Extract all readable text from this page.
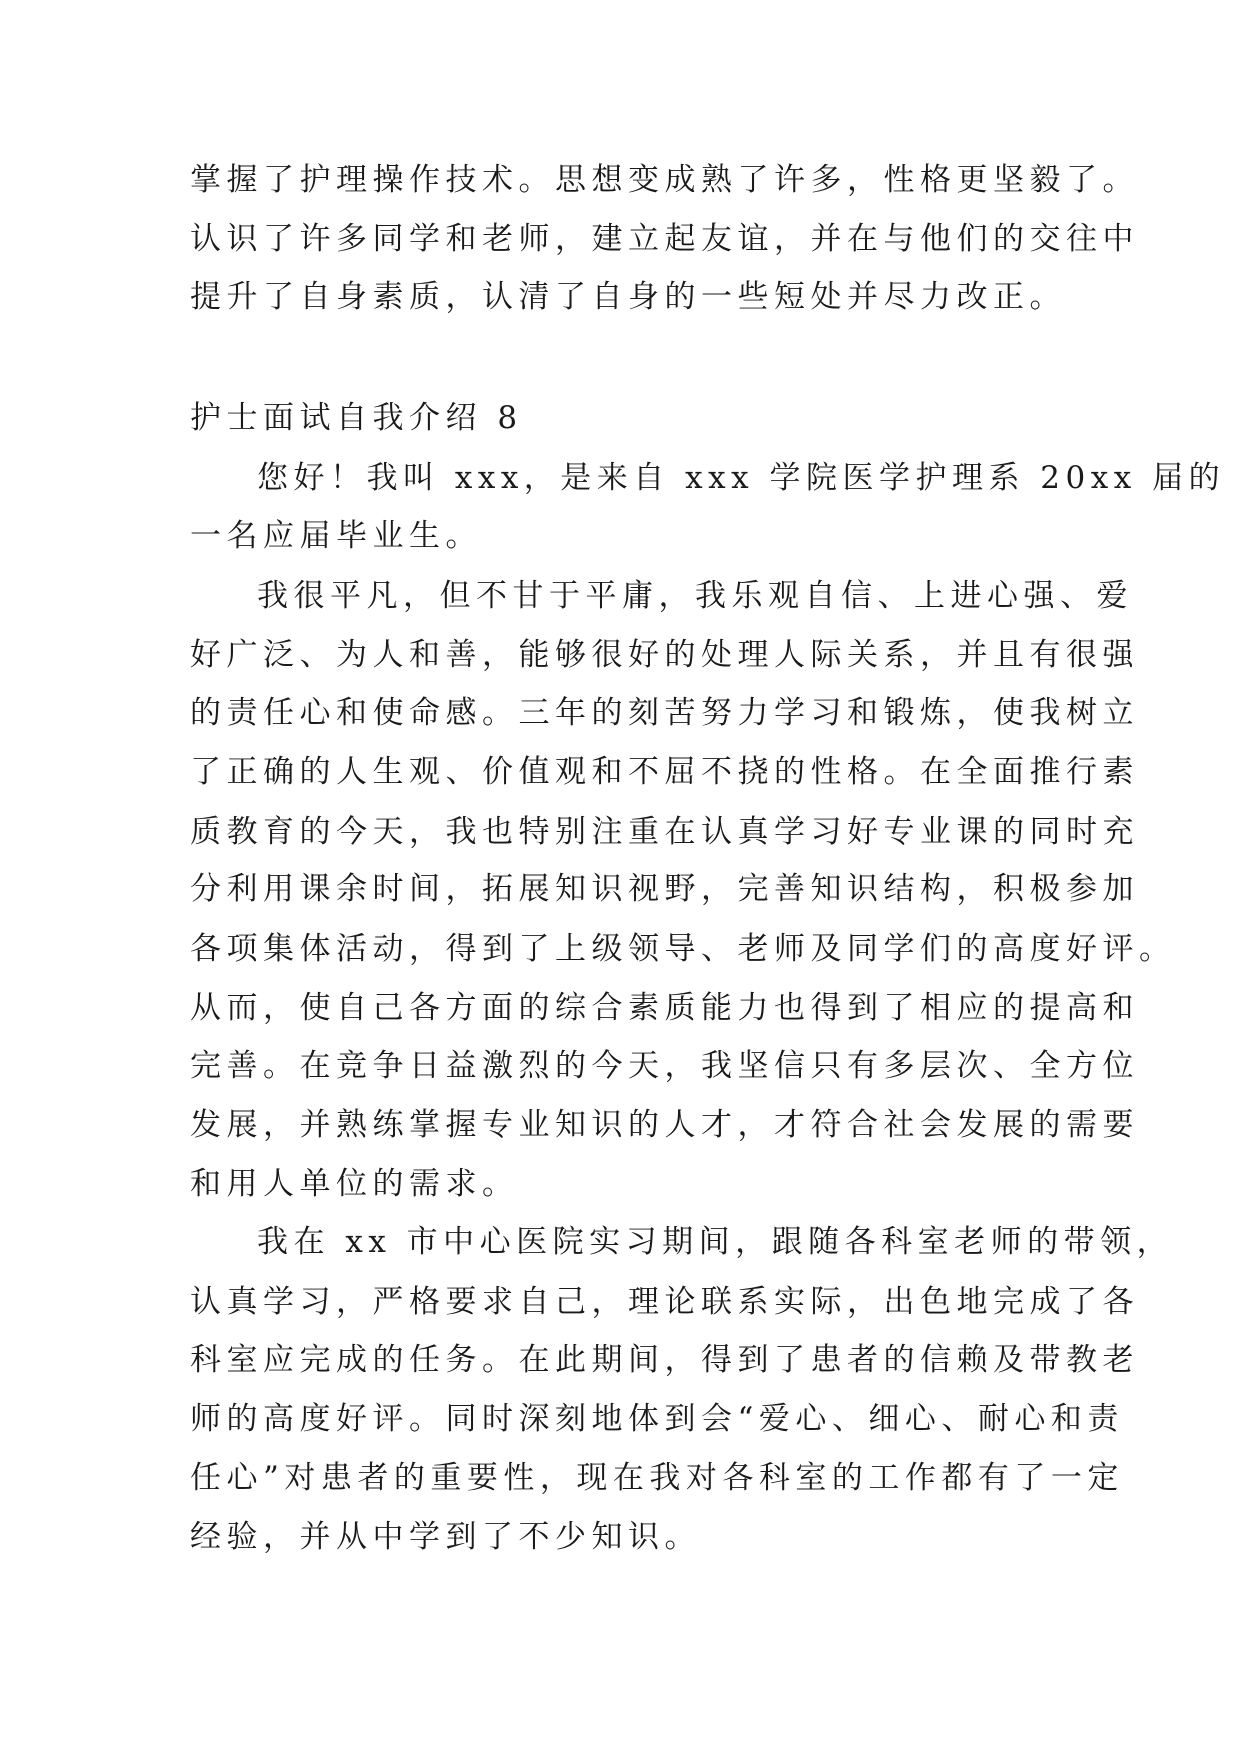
掌握了护理操作技术。思想变成熟了许多，性格更坚毅了。
认识了许多同学和老师，建立起友谊，并在与他们的交往中
提升了自身素质，认清了自身的一些短处并尽力改正。
护士面试自我介绍 8
您好！我叫 xxx，是来自 xxx 学院医学护理系 20xx 届的
一名应届毕业生。
我很平凡，但不甘于平庸，我乐观自信、上进心强、爱
好广泛、为人和善，能够很好的处理人际关系，并且有很强
的责任心和使命感。三年的刻苦努力学习和锻炼，使我树立
了正确的人生观、价值观和不屈不挠的性格。在全面推行素
质教育的今天，我也特别注重在认真学习好专业课的同时充
分利用课余时间，拓展知识视野，完善知识结构，积极参加
各项集体活动，得到了上级领导、老师及同学们的高度好评。
从而，使自己各方面的综合素质能力也得到了相应的提高和
完善。在竞争日益激烈的今天，我坚信只有多层次、全方位
发展，并熟练掌握专业知识的人才，才符合社会发展的需要
和用人单位的需求。
我在 xx 市中心医院实习期间，跟随各科室老师的带领，
认真学习，严格要求自己，理论联系实际，出色地完成了各
科室应完成的任务。在此期间，得到了患者的信赖及带教老
师的高度好评。同时深刻地体到会“爱心、细心、耐心和责
任心”对患者的重要性，现在我对各科室的工作都有了一定
经验，并从中学到了不少知识。
